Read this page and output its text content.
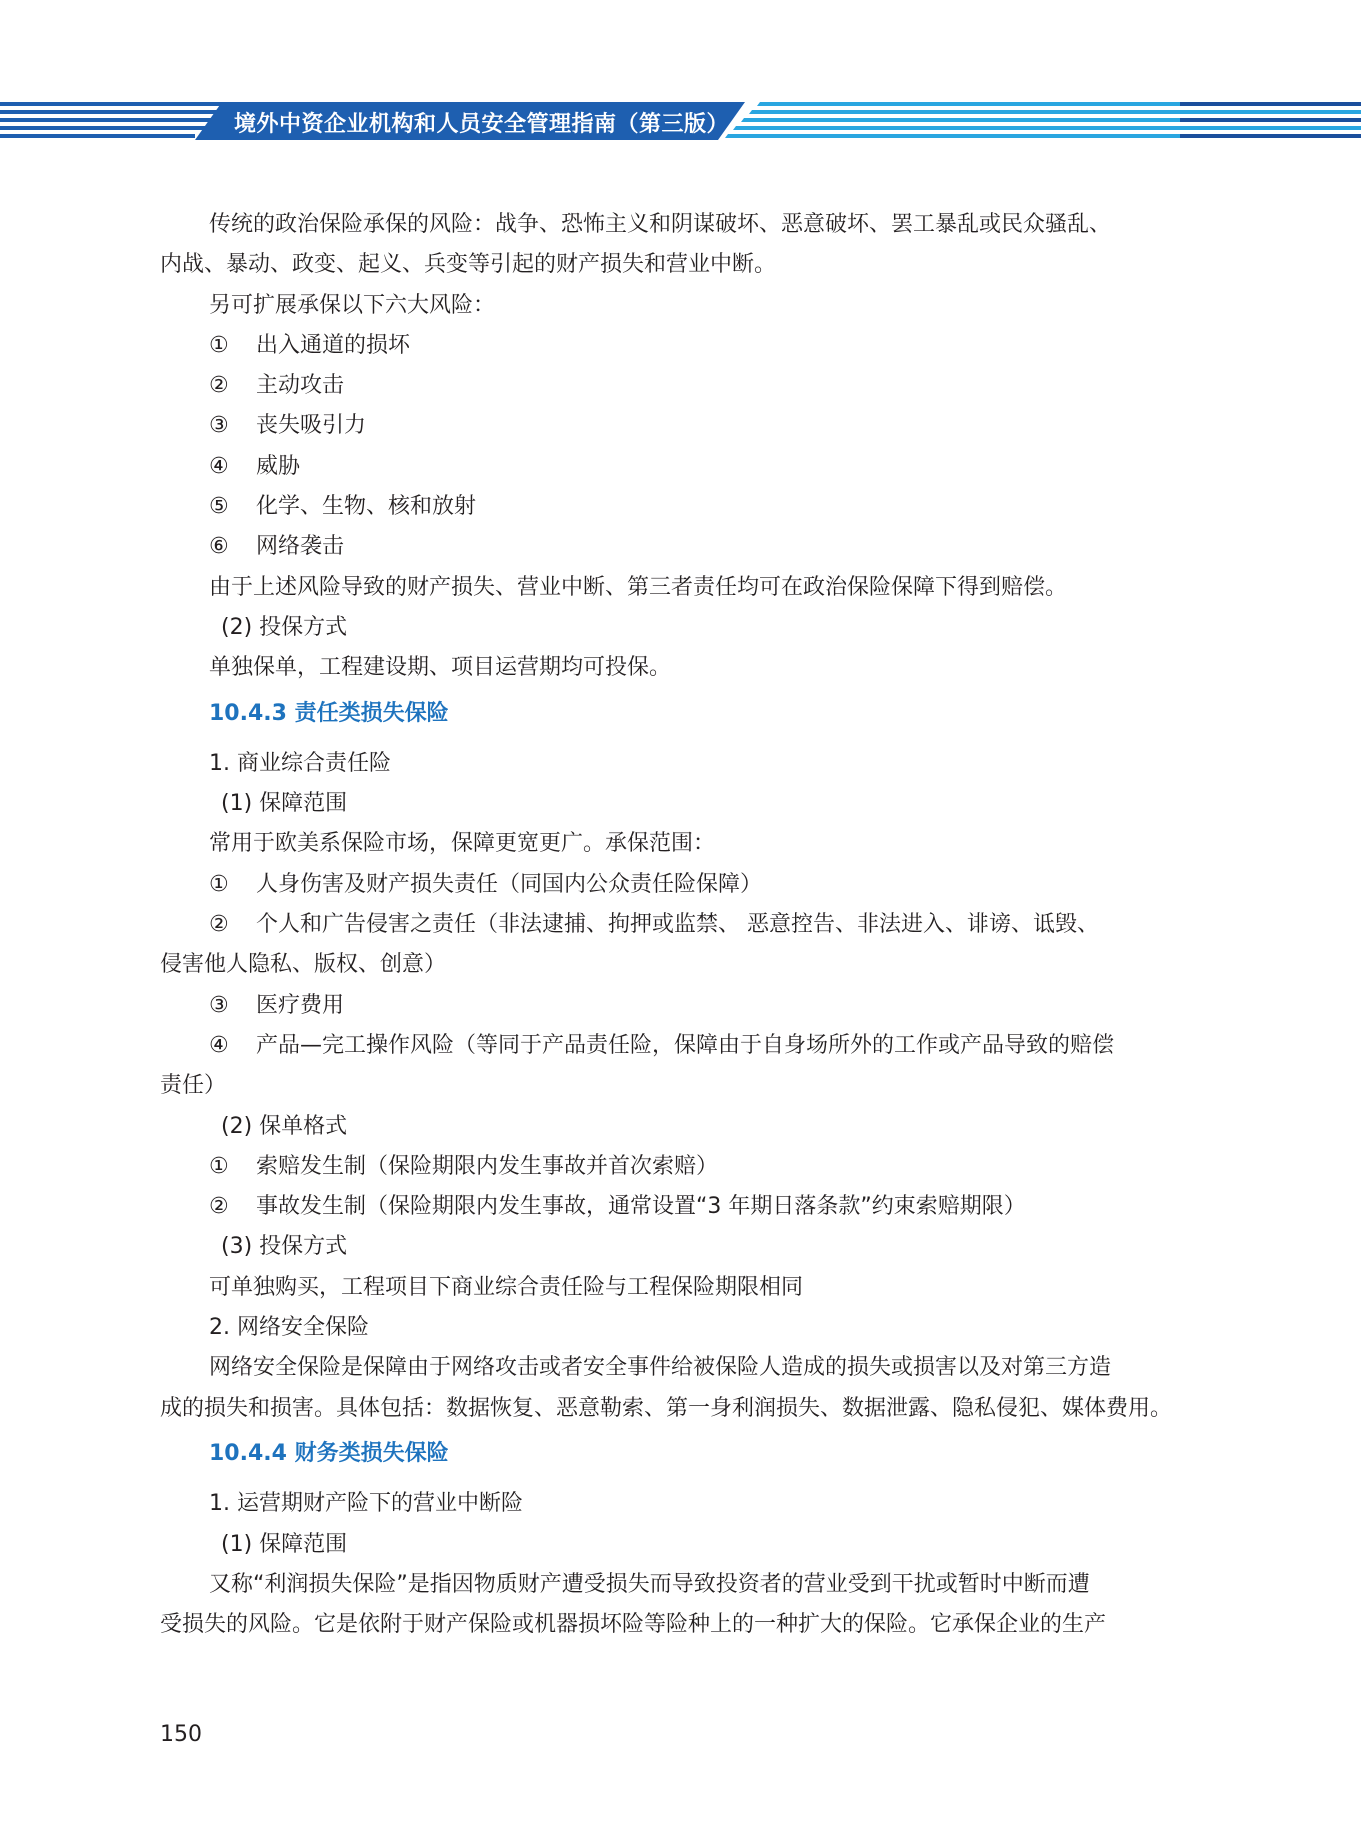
境外中资企业机构和人员安全管理指南（第三版）

传统的政治保险承保的风险：战争、恐怖主义和阴谋破坏、恶意破坏、罢工暴乱或民众骚乱、

内战、暴动、政变、起义、兵变等引起的财产损失和营业中断。

另可扩展承保以下六大风险：

① 出入通道的损坏

② 主动攻击

③ 丧失吸引力

④ 威胁

⑤ 化学、生物、核和放射

⑥ 网络袭击

由于上述风险导致的财产损失、营业中断、第三者责任均可在政治保险保障下得到赔偿。

(2) 投保方式

单独保单，工程建设期、项目运营期均可投保。

10.4.3 责任类损失保险

1. 商业综合责任险

(1) 保障范围

常用于欧美系保险市场，保障更宽更广。承保范围：

① 人身伤害及财产损失责任（同国内公众责任险保障）

② 个人和广告侵害之责任（非法逮捕、拘押或监禁、 恶意控告、非法进入、诽谤、诋毁、

侵害他人隐私、版权、创意）

③ 医疗费用

④ 产品—完工操作风险（等同于产品责任险，保障由于自身场所外的工作或产品导致的赔偿

责任）

(2) 保单格式

① 索赔发生制（保险期限内发生事故并首次索赔）

② 事故发生制（保险期限内发生事故，通常设置“3 年期日落条款”约束索赔期限）

(3) 投保方式

可单独购买，工程项目下商业综合责任险与工程保险期限相同

2. 网络安全保险

网络安全保险是保障由于网络攻击或者安全事件给被保险人造成的损失或损害以及对第三方造

成的损失和损害。具体包括：数据恢复、恶意勒索、第一身利润损失、数据泄露、隐私侵犯、媒体费用。

10.4.4 财务类损失保险

1. 运营期财产险下的营业中断险

(1) 保障范围

又称“利润损失保险”是指因物质财产遭受损失而导致投资者的营业受到干扰或暂时中断而遭

受损失的风险。它是依附于财产保险或机器损坏险等险种上的一种扩大的保险。它承保企业的生产

150
